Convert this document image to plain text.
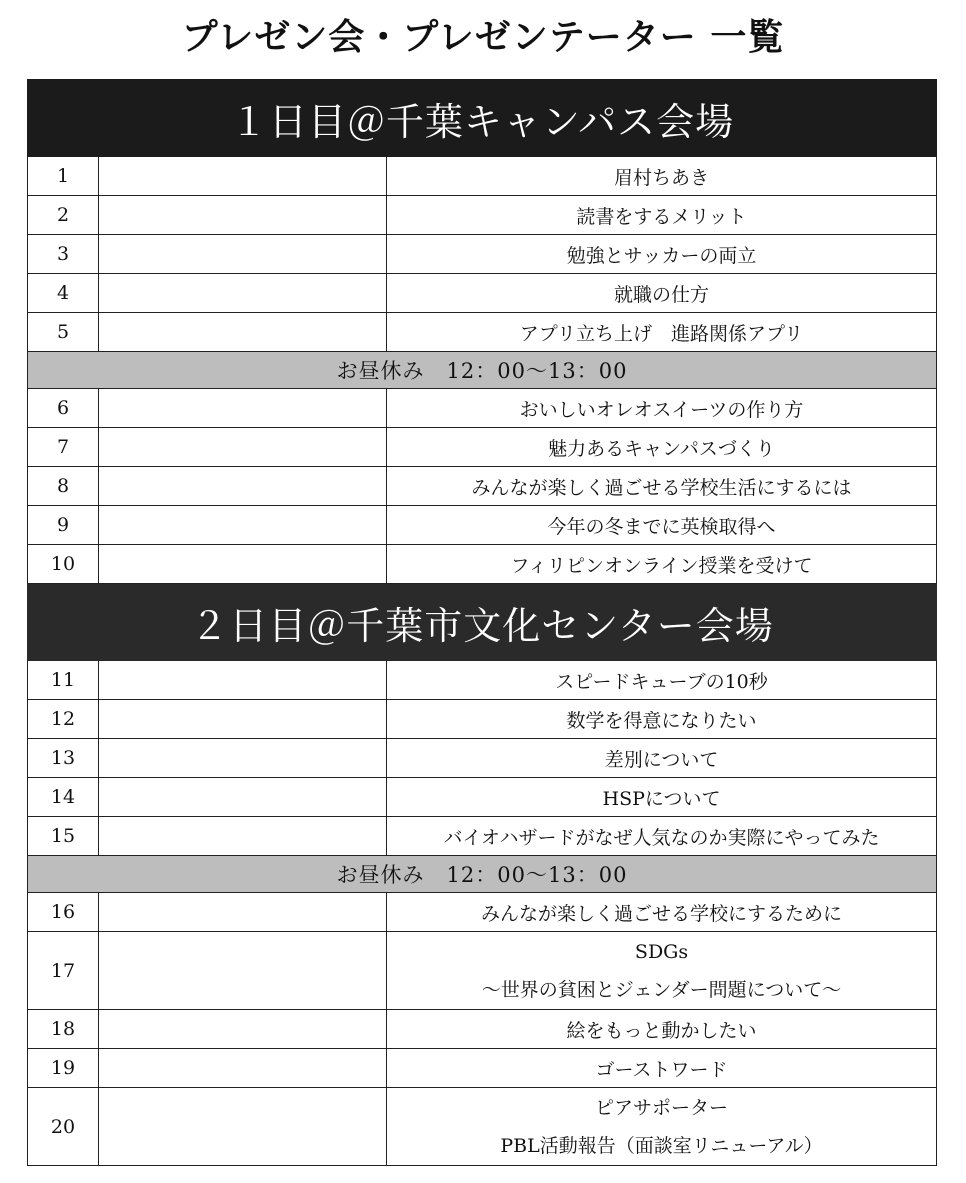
プレゼン会・プレゼンテーター 一覧
１日目＠千葉キャンパス会場		
1		眉村ちあき

2		読書をするメリット

3		勉強とサッカーの両立

4		就職の仕方

5		アプリ立ち上げ　進路関係アプリ

お昼休み　12：00～13：00		
6		おいしいオレオスイーツの作り方

7		魅力あるキャンパスづくり

8		みんなが楽しく過ごせる学校生活にするには

9		今年の冬までに英検取得へ

10		フィリピンオンライン授業を受けて

２日目＠千葉市文化センター会場		
11		スピードキューブの10秒

12		数学を得意になりたい

13		差別について

14		HSPについて

15		バイオハザードがなぜ人気なのか実際にやってみた

お昼休み　12：00～13：00		
16		みんなが楽しく過ごせる学校にするために

17		SDGs
～世界の貧困とジェンダー問題について～

18		絵をもっと動かしたい

19		ゴーストワード

20		ピアサポーター
PBL活動報告（面談室リニューアル）
